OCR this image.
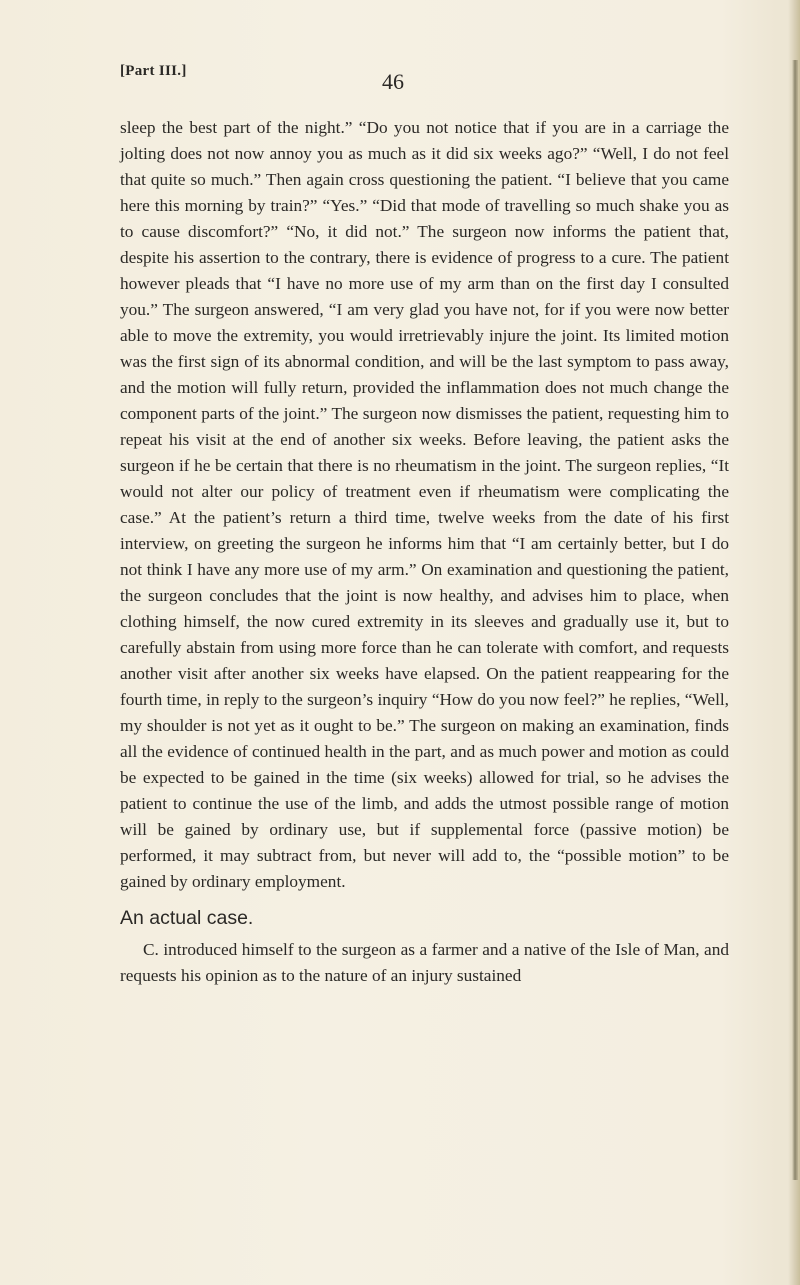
[Part III.]	46

sleep the best part of the night.” “Do you not notice that if you are in a carriage the jolting does not now annoy you as much as it did six weeks ago?” “Well, I do not feel that quite so much.” Then again cross questioning the patient. “I believe that you came here this morning by train?” “Yes.” “Did that mode of travelling so much shake you as to cause discomfort?” “No, it did not.” The surgeon now informs the patient that, despite his assertion to the contrary, there is evidence of progress to a cure. The patient however pleads that “I have no more use of my arm than on the first day I consulted you.” The surgeon answered, “I am very glad you have not, for if you were now better able to move the extremity, you would irretrievably injure the joint. Its limited motion was the first sign of its abnormal condition, and will be the last symptom to pass away, and the motion will fully return, provided the inflammation does not much change the component parts of the joint.” The surgeon now dismisses the patient, requesting him to repeat his visit at the end of another six weeks. Before leaving, the patient asks the surgeon if he be certain that there is no rheumatism in the joint. The surgeon replies, “It would not alter our policy of treatment even if rheumatism were complicating the case.” At the patient’s return a third time, twelve weeks from the date of his first interview, on greeting the surgeon he informs him that “I am certainly better, but I do not think I have any more use of my arm.” On examination and questioning the patient, the surgeon concludes that the joint is now healthy, and advises him to place, when clothing himself, the now cured extremity in its sleeves and gradually use it, but to carefully abstain from using more force than he can tolerate with comfort, and requests another visit after another six weeks have elapsed. On the patient reappearing for the fourth time, in reply to the surgeon’s inquiry “How do you now feel?” he replies, “Well, my shoulder is not yet as it ought to be.” The surgeon on making an examination, finds all the evidence of continued health in the part, and as much power and motion as could be expected to be gained in the time (six weeks) allowed for trial, so he advises the patient to continue the use of the limb, and adds the utmost possible range of motion will be gained by ordinary use, but if supplemental force (passive motion) be performed, it may subtract from, but never will add to, the “possible motion” to be gained by ordinary employment.

An actual case.

C. introduced himself to the surgeon as a farmer and a native of the Isle of Man, and requests his opinion as to the nature of an injury sustained
